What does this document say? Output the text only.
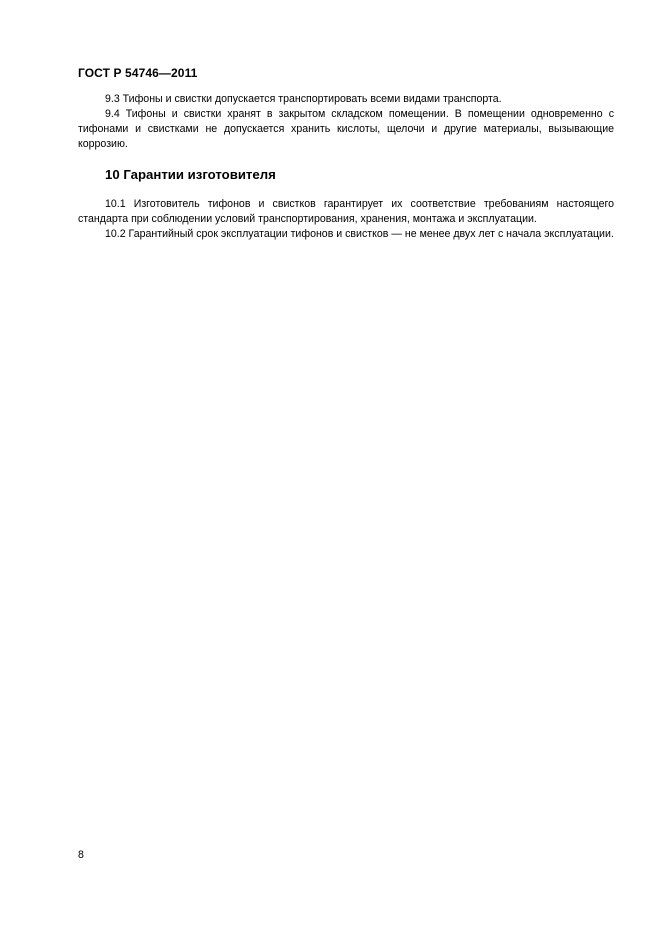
ГОСТ Р 54746—2011

9.3 Тифоны и свистки допускается транспортировать всеми видами транспорта.

9.4 Тифоны и свистки хранят в закрытом складском помещении. В помещении одновременно с тифонами и свистками не допускается хранить кислоты, щелочи и другие материалы, вызывающие коррозию.

10 Гарантии изготовителя

10.1 Изготовитель тифонов и свистков гарантирует их соответствие требованиям настоящего стандарта при соблюдении условий транспортирования, хранения, монтажа и эксплуатации.

10.2 Гарантийный срок эксплуатации тифонов и свистков — не менее двух лет с начала эксплуатации.

8
